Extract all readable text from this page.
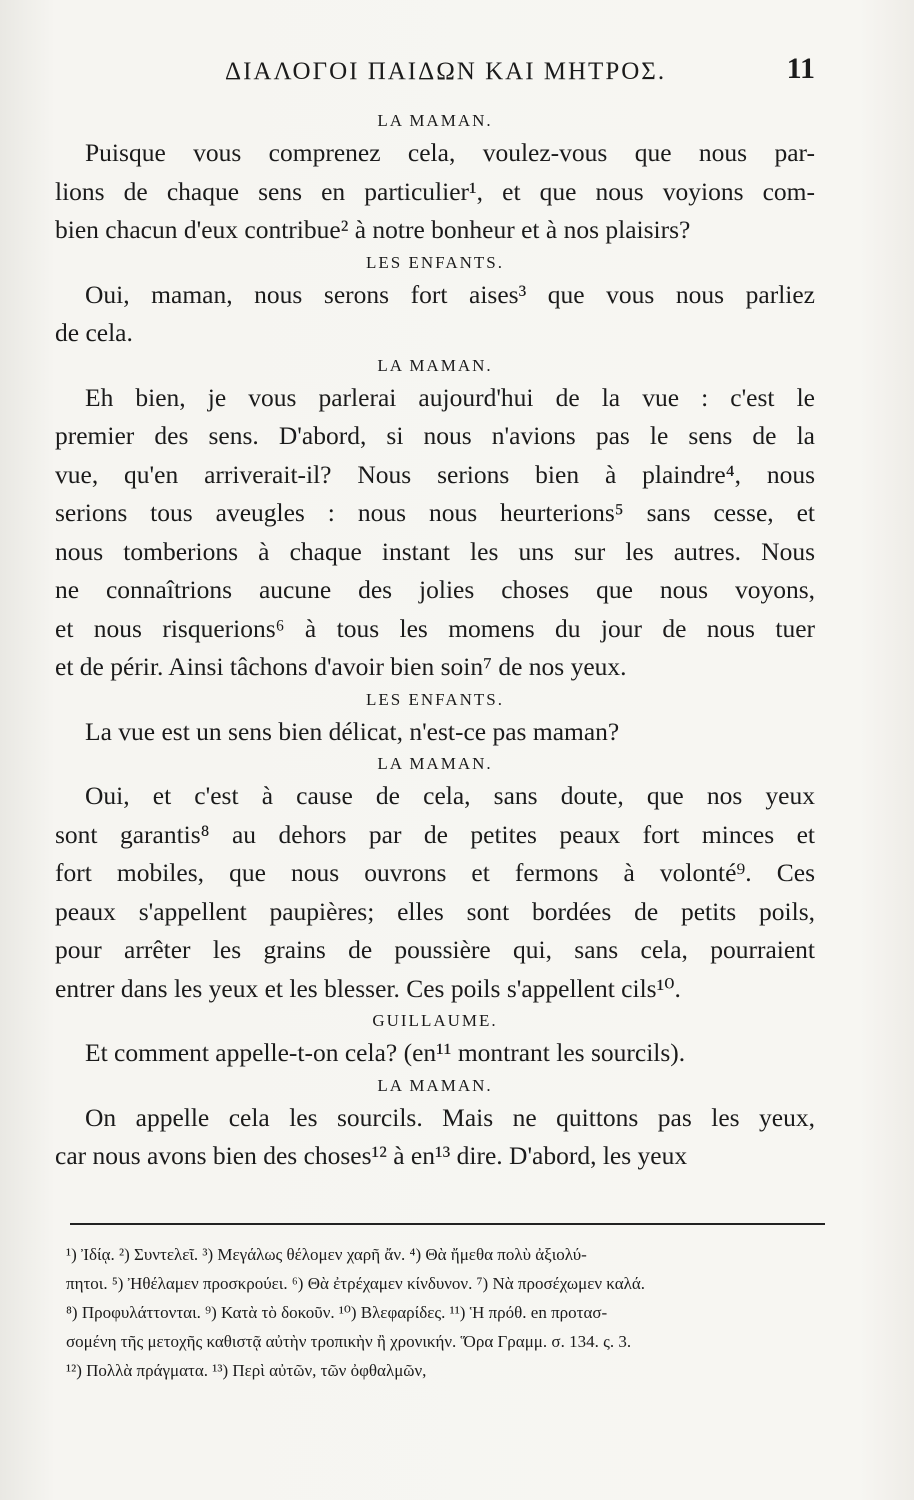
ΔΙΑΛΟΓΟΙ ΠΑΙΔΩΝ ΚΑΙ ΜΗΤΡΟΣ.	11

LA MAMAN.

Puisque vous comprenez cela, voulez-vous que nous par-
lions de chaque sens en particulier¹, et que nous voyions com-
bien chacun d'eux contribue² à notre bonheur et à nos plaisirs?

LES ENFANTS.

Oui, maman, nous serons fort aises³ que vous nous parliez
de cela.

LA MAMAN.

Eh bien, je vous parlerai aujourd'hui de la vue : c'est le
premier des sens. D'abord, si nous n'avions pas le sens de la
vue, qu'en arriverait-il? Nous serions bien à plaindre⁴, nous
serions tous aveugles : nous nous heurterions⁵ sans cesse, et
nous tomberions à chaque instant les uns sur les autres. Nous
ne connaîtrions aucune des jolies choses que nous voyons,
et nous risquerions⁶ à tous les momens du jour de nous tuer
et de périr. Ainsi tâchons d'avoir bien soin⁷ de nos yeux.

LES ENFANTS.

La vue est un sens bien délicat, n'est-ce pas maman?

LA MAMAN.

Oui, et c'est à cause de cela, sans doute, que nos yeux
sont garantis⁸ au dehors par de petites peaux fort minces et
fort mobiles, que nous ouvrons et fermons à volonté⁹. Ces
peaux s'appellent paupières; elles sont bordées de petits poils,
pour arrêter les grains de poussière qui, sans cela, pourraient
entrer dans les yeux et les blesser. Ces poils s'appellent cils¹⁰.

GUILLAUME.

Et comment appelle-t-on cela? (en¹¹ montrant les sourcils).

LA MAMAN.

On appelle cela les sourcils. Mais ne quittons pas les yeux,
car nous avons bien des choses¹² à en¹³ dire. D'abord, les yeux

¹) Ἰδίᾳ. ²) Συντελεῖ. ³) Μεγάλως θέλομεν χαρῆ ἄν. ⁴) Θὰ ἤμεθα πολὺ ἀξιολύ-

πητοι. ⁵) Ἠθέλαμεν προσκρούει. ⁶) Θὰ ἐτρέχαμεν κίνδυνον. ⁷) Νὰ προσέχωμεν καλά.

⁸) Προφυλάττονται. ⁹) Κατὰ τὸ δοκοῦν. ¹⁰) Βλεφαρίδες. ¹¹) Ἡ πρόθ. en προτασ-

σομένη τῆς μετοχῆς καθιστᾷ αὐτὴν τροπικὴν ἢ χρονικήν. Ὅρα Γραμμ. σ. 134. ς. 3.

¹²) Πολλὰ πράγματα. ¹³) Περὶ αὐτῶν, τῶν ὀφθαλμῶν,
